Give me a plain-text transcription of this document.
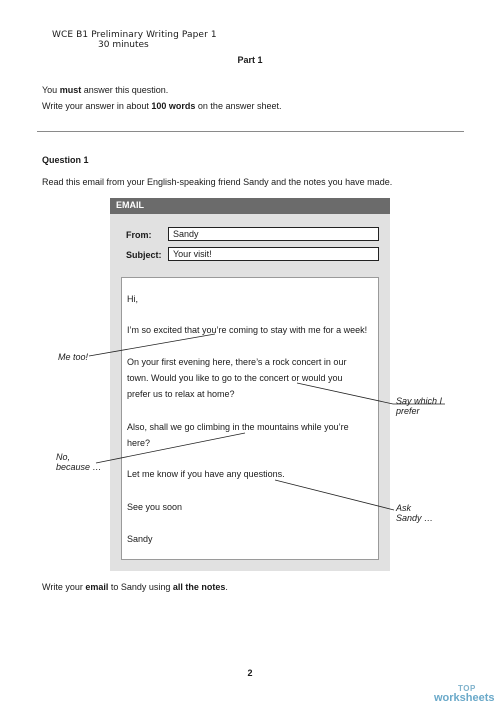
WCE B1 Preliminary Writing Paper 1
30 minutes
Part 1
You must answer this question.
Write your answer in about 100 words on the answer sheet.
Question 1
Read this email from your English-speaking friend Sandy and the notes you have made.
EMAIL
From:	Sandy
Subject:	Your visit!
Hi,
I’m so excited that you’re coming to stay with me for a week!
On your first evening here, there’s a rock concert in our
town. Would you like to go to the concert or would you
prefer us to relax at home?
Also, shall we go climbing in the mountains while you’re
here?
Let me know if you have any questions.
See you soon
Sandy
Me too!
No,
because …
Say which I
prefer
Ask
Sandy …
Write your email to Sandy using all the notes.
2
TOP
worksheets
